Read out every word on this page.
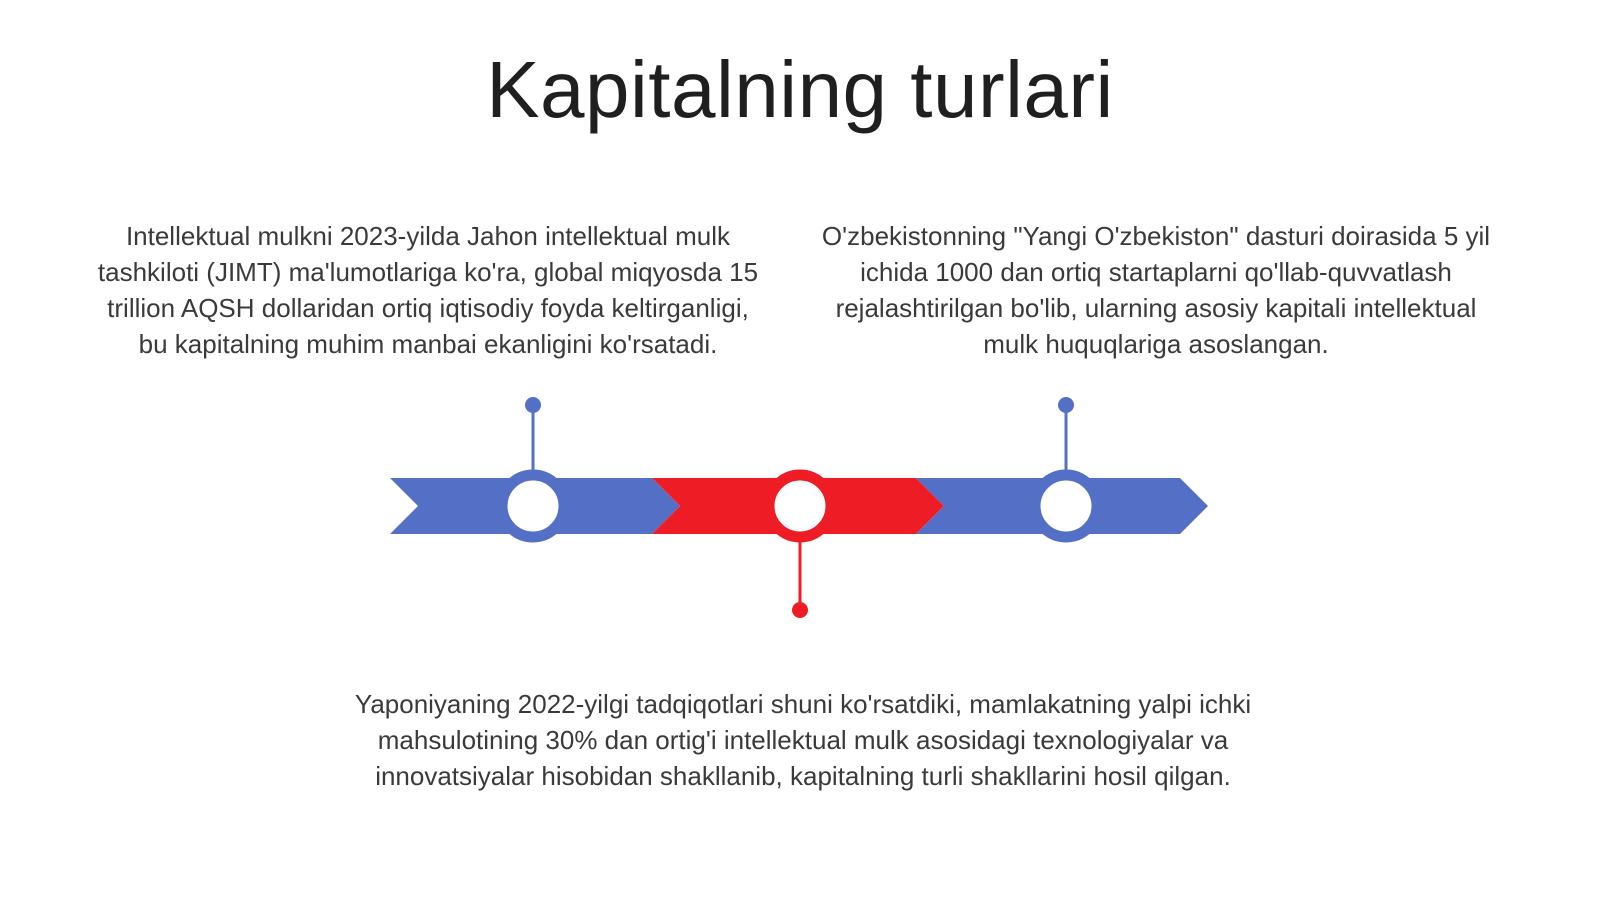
Kapitalning turlari

Intellektual mulkni 2023-yilda Jahon intellektual mulk tashkiloti (JIMT) ma'lumotlariga ko'ra, global miqyosda 15 trillion AQSH dollaridan ortiq iqtisodiy foyda keltirganligi, bu kapitalning muhim manbai ekanligini ko'rsatadi.

O'zbekistonning "Yangi O'zbekiston" dasturi doirasida 5 yil ichida 1000 dan ortiq startaplarni qo'llab-quvvatlash rejalashtirilgan bo'lib, ularning asosiy kapitali intellektual mulk huquqlariga asoslangan.

Yaponiyaning 2022-yilgi tadqiqotlari shuni ko'rsatdiki, mamlakatning yalpi ichki mahsulotining 30% dan ortig'i intellektual mulk asosidagi texnologiyalar va innovatsiyalar hisobidan shakllanib, kapitalning turli shakllarini hosil qilgan.
